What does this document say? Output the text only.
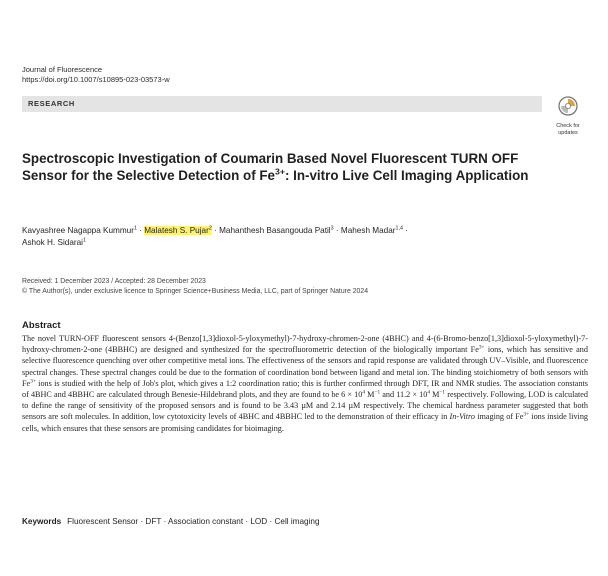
Journal of Fluorescence
https://doi.org/10.1007/s10895-023-03573-w
RESEARCH
Check for
updates
Spectroscopic Investigation of Coumarin Based Novel Fluorescent TURN OFF Sensor for the Selective Detection of $Fe^{3+}$: In-vitro Live Cell Imaging Application
Kavyashree Nagappa Kummur$^1$ · Malatesh S. Pujar$^2$ · Mahanthesh Basangouda Patil$^3$ · Mahesh Madar$^{1,4}$ ·
Ashok H. Sidarai$^1$
Received: 1 December 2023 / Accepted: 28 December 2023
© The Author(s), under exclusive licence to Springer Science+Business Media, LLC, part of Springer Nature 2024
Abstract

The novel TURN-OFF fluorescent sensors 4-(Benzo[1,3]dioxol-5-yloxymethyl)-7-hydroxy-chromen-2-one (4BHC) and 4-(6-Bromo-benzo[1,3]dioxol-5-yloxymethyl)-7-hydroxy-chromen-2-one (4BBHC) are designed and synthesized for the spectrofluorometric detection of the biologically important $Fe^{3+}$ ions, which has sensitive and selective fluorescence quenching over other competitive metal ions. The effectiveness of the sensors and rapid response are validated through UV–Visible, and fluorescence spectral changes. These spectral changes could be due to the formation of coordination bond between ligand and metal ion. The binding stoichiometry of both sensors with $Fe^{3+}$ ions is studied with the help of Job's plot, which gives a 1:2 coordination ratio; this is further confirmed through DFT, IR and NMR studies. The association constants of 4BHC and 4BBHC are calculated through Benesie-Hildebrand plots, and they are found to be $6 \times 10^4$ $M^{-1}$ and $11.2 \times 10^4$ $M^{-1}$ respectively. Following, LOD is calculated to define the range of sensitivity of the proposed sensors and is found to be 3.43 µM and 2.14 µM respectively. The chemical hardness parameter suggested that both sensors are soft molecules. In addition, low cytotoxicity levels of 4BHC and 4BBHC led to the demonstration of their efficacy in In-Vitro imaging of $Fe^{3+}$ ions inside living cells, which ensures that these sensors are promising candidates for bioimaging.

Keywords Fluorescent Sensor · DFT · Association constant · LOD · Cell imaging
